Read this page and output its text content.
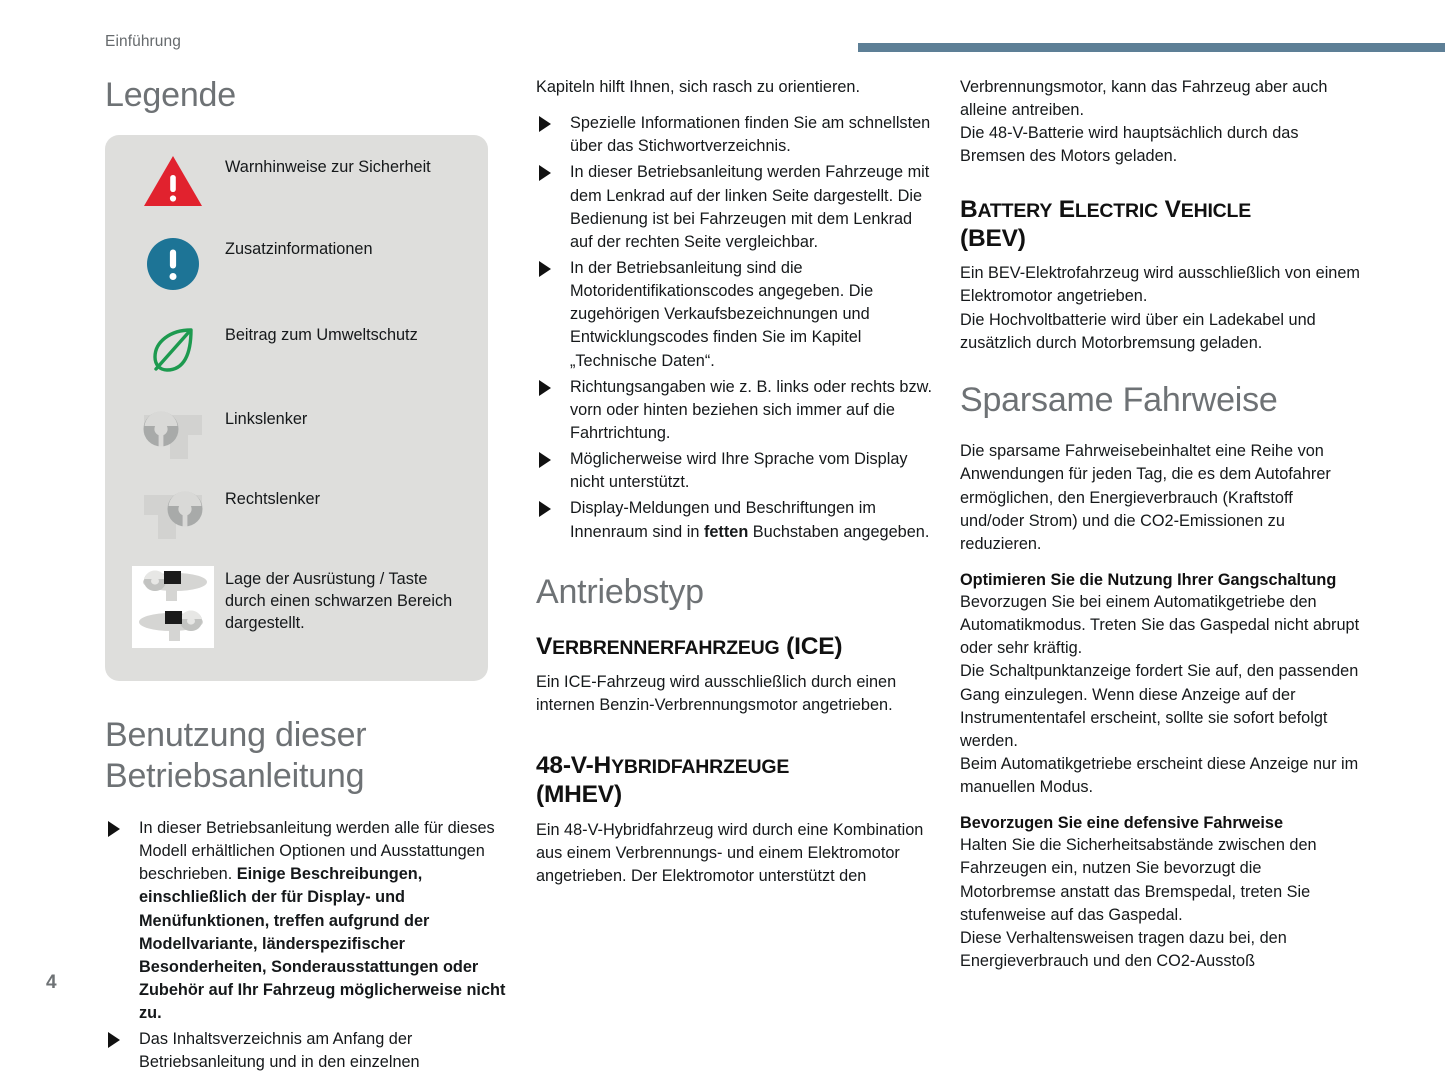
Einführung
Legende
Warnhinweise zur Sicherheit
Zusatzinformationen
Beitrag zum Umweltschutz
Linkslenker
Rechtslenker
Lage der Ausrüstung / Taste durch einen schwarzen Bereich dargestellt.
Benutzung dieser
Betriebsanleitung
In dieser Betriebsanleitung werden alle für dieses Modell erhältlichen Optionen und Ausstattungen beschrieben. Einige Beschreibungen, einschließlich der für Display- und Menüfunktionen, treffen aufgrund der Modellvariante, länderspezifischer Besonderheiten, Sonderausstattungen oder Zubehör auf Ihr Fahrzeug möglicherweise nicht zu.
Das Inhaltsverzeichnis am Anfang der Betriebsanleitung und in den einzelnen

Kapiteln hilft Ihnen, sich rasch zu orientieren.

Spezielle Informationen finden Sie am schnellsten über das Stichwortverzeichnis.
In dieser Betriebsanleitung werden Fahrzeuge mit dem Lenkrad auf der linken Seite dargestellt. Die Bedienung ist bei Fahrzeugen mit dem Lenkrad auf der rechten Seite vergleichbar.
In der Betriebsanleitung sind die Motoridentifikationscodes angegeben. Die zugehörigen Verkaufsbezeichnungen und Entwicklungscodes finden Sie im Kapitel „Technische Daten“.
Richtungsangaben wie z. B. links oder rechts bzw. vorn oder hinten beziehen sich immer auf die Fahrtrichtung.
Möglicherweise wird Ihre Sprache vom Display nicht unterstützt.
Display-Meldungen und Beschriftungen im Innenraum sind in fetten Buchstaben angegeben.
Antriebstyp
VERBRENNERFAHRZEUG (ICE)

Ein ICE-Fahrzeug wird ausschließlich durch einen internen Benzin-Verbrennungsmotor angetrieben.

48-V-HYBRIDFAHRZEUGE
(MHEV)

Ein 48-V-Hybridfahrzeug wird durch eine Kombination aus einem Verbrennungs- und einem Elektromotor angetrieben. Der Elektromotor unterstützt den

Verbrennungsmotor, kann das Fahrzeug aber auch alleine antreiben.

Die 48-V-Batterie wird hauptsächlich durch das Bremsen des Motors geladen.

BATTERY ELECTRIC VEHICLE
(BEV)

Ein BEV-Elektrofahrzeug wird ausschließlich von einem Elektromotor angetrieben.

Die Hochvoltbatterie wird über ein Ladekabel und zusätzlich durch Motorbremsung geladen.

Sparsame Fahrweise

Die sparsame Fahrweisebeinhaltet eine Reihe von Anwendungen für jeden Tag, die es dem Autofahrer ermöglichen, den Energieverbrauch (Kraftstoff und/oder Strom) und die CO2-Emissionen zu reduzieren.

Optimieren Sie die Nutzung Ihrer Gangschaltung

Bevorzugen Sie bei einem Automatikgetriebe den Automatikmodus. Treten Sie das Gaspedal nicht abrupt oder sehr kräftig.

Die Schaltpunktanzeige fordert Sie auf, den passenden Gang einzulegen. Wenn diese Anzeige auf der Instrumententafel erscheint, sollte sie sofort befolgt werden.

Beim Automatikgetriebe erscheint diese Anzeige nur im manuellen Modus.

Bevorzugen Sie eine defensive Fahrweise

Halten Sie die Sicherheitsabstände zwischen den Fahrzeugen ein, nutzen Sie bevorzugt die Motorbremse anstatt das Bremspedal, treten Sie stufenweise auf das Gaspedal.

Diese Verhaltensweisen tragen dazu bei, den Energieverbrauch und den CO2-Ausstoß

4
